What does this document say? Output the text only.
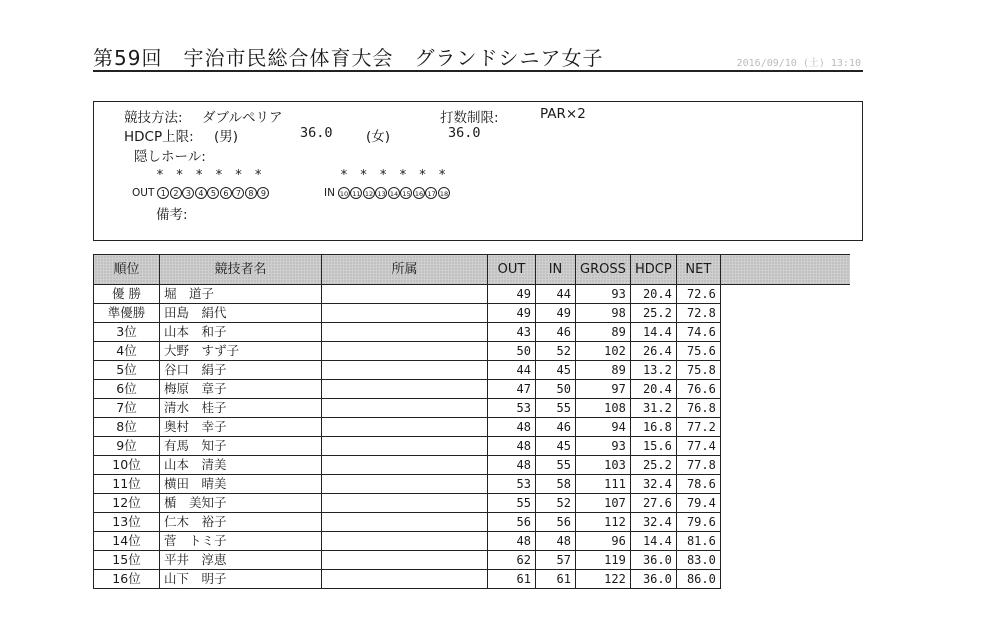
第59回　宇治市民総合体育大会　グランドシニア女子	2016/09/10 (土) 13:10
競技方法: ダブルペリア	打数制限:	PAR×2
HDCP上限: (男)	36.0 (女)	36.0
隠しホール:
* * * * * *	* * * * * *
OUT 1 2 3 4 5 6 7 8 9	IN 10 11 12 13 14 15 16 17 18
備考:
順位	競技者名	所属	OUT	IN	GROSS	HDCP	NET	
優 勝	堀　道子		49	44	93	20.4	72.6	
準優勝	田島　絹代		49	49	98	25.2	72.8	
3位	山本　和子		43	46	89	14.4	74.6	
4位	大野　すず子		50	52	102	26.4	75.6	
5位	谷口　絹子		44	45	89	13.2	75.8	
6位	梅原　章子		47	50	97	20.4	76.6	
7位	清水　桂子		53	55	108	31.2	76.8	
8位	奥村　幸子		48	46	94	16.8	77.2	
9位	有馬　知子		48	45	93	15.6	77.4	
10位	山本　清美		48	55	103	25.2	77.8	
11位	横田　晴美		53	58	111	32.4	78.6	
12位	楯　美知子		55	52	107	27.6	79.4	
13位	仁木　裕子		56	56	112	32.4	79.6	
14位	菅　トミ子		48	48	96	14.4	81.6	
15位	平井　淳恵		62	57	119	36.0	83.0	
16位	山下　明子		61	61	122	36.0	86.0	
